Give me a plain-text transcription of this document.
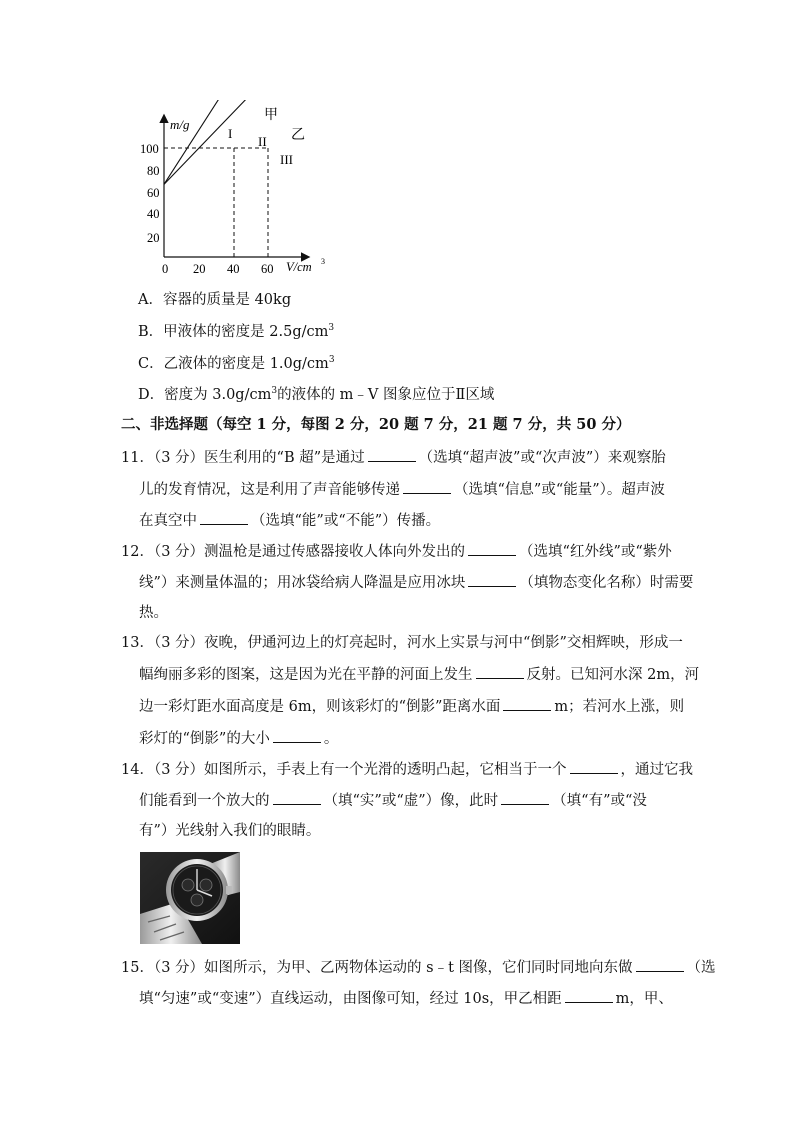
m/g
100
80
60
40
20
0 20 40 60 V/cm 3
甲
乙
I
II
III
A．容器的质量是 40kg
B．甲液体的密度是 $2.5g/cm^3$
C．乙液体的密度是 $1.0g/cm^3$
D．密度为 $3.0g/cm^3$的液体的 m﹣V 图象应位于Ⅱ区域
二、非选择题（每空 1 分，每图 2 分，20 题 7 分，21 题 7 分，共 50 分）
11．（3 分）医生利用的“B 超”是通过	（选填“超声波”或“次声波”）来观察胎
儿的发育情况，这是利用了声音能够传递	（选填“信息”或“能量”）。超声波
在真空中	（选填“能”或“不能”）传播。
12．（3 分）测温枪是通过传感器接收人体向外发出的	（选填“红外线”或“紫外
线”）来测量体温的；用冰袋给病人降温是应用冰块	（填物态变化名称）时需要
热。
13．（3 分）夜晚，伊通河边上的灯亮起时，河水上实景与河中“倒影”交相辉映，形成一
幅绚丽多彩的图案，这是因为光在平静的河面上发生	反射。已知河水深 2m，河
边一彩灯距水面高度是 6m，则该彩灯的“倒影”距离水面	m；若河水上涨，则
彩灯的“倒影”的大小	。
14．（3 分）如图所示，手表上有一个光滑的透明凸起，它相当于一个	，通过它我
们能看到一个放大的	（填“实”或“虚”）像，此时	（填“有”或“没
有”）光线射入我们的眼睛。
15．（3 分）如图所示，为甲、乙两物体运动的 s﹣t 图像，它们同时同地向东做	（选
填“匀速”或“变速”）直线运动，由图像可知，经过 10s，甲乙相距	m，甲、
